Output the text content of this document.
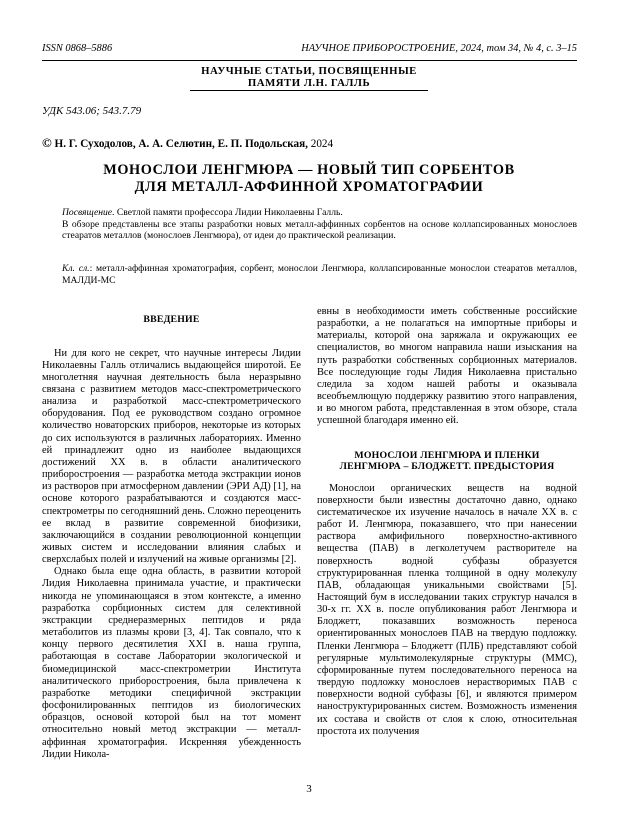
ISSN 0868–5886	НАУЧНОЕ ПРИБОРОСТРОЕНИЕ, 2024, том 34, № 4, с. 3–15
НАУЧНЫЕ СТАТЬИ, ПОСВЯЩЕННЫЕ
ПАМЯТИ Л.Н. ГАЛЛЬ
УДК 543.06; 543.7.79
© Н. Г. Суходолов, А. А. Селютин, Е. П. Подольская, 2024
МОНОСЛОИ ЛЕНГМЮРА — НОВЫЙ ТИП СОРБЕНТОВ
ДЛЯ МЕТАЛЛ-АФФИННОЙ ХРОМАТОГРАФИИ

Посвящение. Светлой памяти профессора Лидии Николаевны Галль.

В обзоре представлены все этапы разработки новых металл-аффинных сорбентов на основе коллапсированных монослоев стеаратов металлов (монослоев Ленгмюра), от идеи до практической реализации.

Кл. сл.: металл-аффинная хроматография, сорбент, монослои Ленгмюра, коллапсированные монослои стеаратов металлов, МАЛДИ-МС
ВВЕДЕНИЕ

Ни для кого не секрет, что научные интересы Лидии Николаевны Галль отличались выдающейся широтой. Ее многолетняя научная деятельность была неразрывно связана с развитием методов масс-спектрометрического анализа и разработкой масс-спектрометрического оборудования. Под ее руководством создано огромное количество новаторских приборов, некоторые из которых до сих используются в различных лабораториях. Именно ей принадлежит одно из наиболее выдающихся достижений XX в. в области аналитического приборостроения — разработка метода экстракции ионов из растворов при атмосферном давлении (ЭРИ АД) [1], на основе которого разрабатываются и создаются масс-спектрометры по сегодняшний день. Сложно переоценить ее вклад в развитие современной биофизики, заключающийся в создании революционной концепции живых систем и исследовании влияния слабых и сверхслабых полей и излучений на живые организмы [2].

Однако была еще одна область, в развитии которой Лидия Николаевна принимала участие, и практически никогда не упоминающаяся в этом контексте, а именно разработка сорбционных систем для селективной экстракции среднеразмерных пептидов и ряда метаболитов из плазмы крови [3, 4]. Так совпало, что к концу первого десятилетия XXI в. наша группа, работающая в составе Лаборатории экологической и биомедицинской масс-спектрометрии Института аналитического приборостроения, была привлечена к разработке методики специфичной экстракции фосфонилированных пептидов из биологических образцов, основой которой был на тот момент относительно новый метод экстракции — металл-аффинная хроматография. Искренняя убежденность Лидии Никола-

евны в необходимости иметь собственные российские разработки, а не полагаться на импортные приборы и материалы, которой она заряжала и окружающих ее специалистов, во многом направила наши изыскания на путь разработки собственных сорбционных материалов. Все последующие годы Лидия Николаевна пристально следила за ходом нашей работы и оказывала всеобъемлющую поддержку развитию этого направления, и во многом работа, представленная в этом обзоре, стала успешной благодаря именно ей.

МОНОСЛОИ ЛЕНГМЮРА И ПЛЕНКИ
ЛЕНГМЮРА – БЛОДЖЕТТ. ПРЕДЫСТОРИЯ

Монослои органических веществ на водной поверхности были известны достаточно давно, однако систематическое их изучение началось в начале XX в. с работ И. Ленгмюра, показавшего, что при нанесении раствора амфифильного поверхностно-активного вещества (ПАВ) в легколетучем растворителе на поверхность водной субфазы образуется структурированная пленка толщиной в одну молекулу ПАВ, обладающая уникальными свойствами [5]. Настоящий бум в исследовании таких структур начался в 30-х гг. XX в. после опубликования работ Ленгмюра и Блоджетт, показавших возможность переноса ориентированных монослоев ПАВ на твердую подложку. Пленки Ленгмюра – Блоджетт (ПЛБ) представляют собой регулярные мультимолекулярные структуры (ММС), сформированные путем последовательного переноса на твердую подложку монослоев нерастворимых ПАВ с поверхности водной субфазы [6], и являются примером наноструктурированных систем. Возможность изменения их состава и свойств от слоя к слою, относительная простота их получения

3
